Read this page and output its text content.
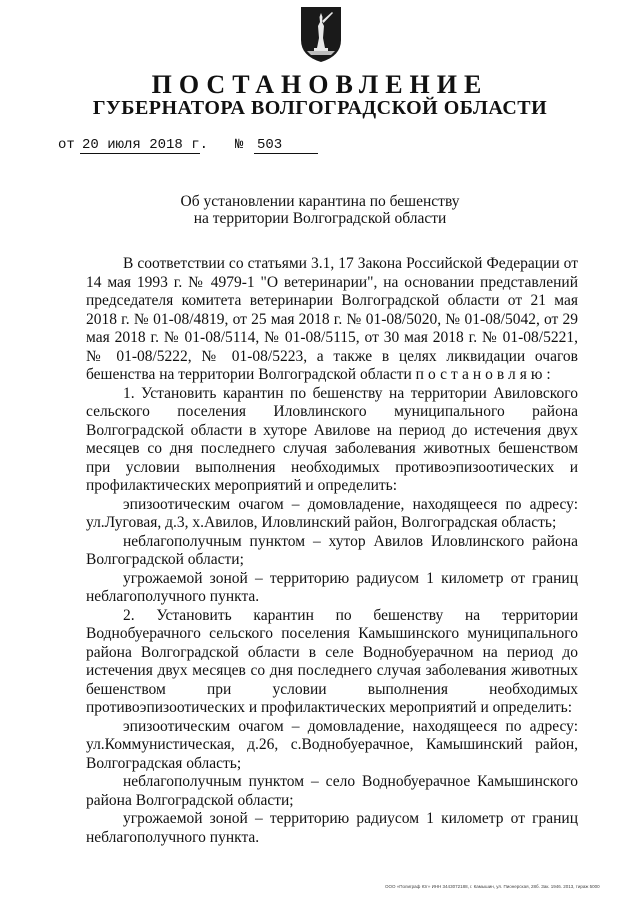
ПОСТАНОВЛЕНИЕ
ГУБЕРНАТОРА ВОЛГОГРАДСКОЙ ОБЛАСТИ
от 20 июля 2018 г. № 503
Об установлении карантина по бешенству
на территории Волгоградской области

В соответствии со статьями 3.1, 17 Закона Российской Федерации от 14 мая 1993 г. № 4979-1 "О ветеринарии", на основании представлений председателя комитета ветеринарии Волгоградской области от 21 мая 2018 г. № 01-08/4819, от 25 мая 2018 г. № 01-08/5020, № 01-08/5042, от 29 мая 2018 г. № 01-08/5114, № 01-08/5115, от 30 мая 2018 г. № 01-08/5221, № 01-08/5222, № 01-08/5223, а также в целях ликвидации очагов бешенства на территории Волгоградской области постановляю:

1. Установить карантин по бешенству на территории Авиловского сельского поселения Иловлинского муниципального района Волгоградской области в хуторе Авилове на период до истечения двух месяцев со дня последнего случая заболевания животных бешенством при условии выполнения необходимых противоэпизоотических и профилактических мероприятий и определить:

эпизоотическим очагом – домовладение, находящееся по адресу: ул.Луговая, д.3, х.Авилов, Иловлинский район, Волгоградская область;

неблагополучным пунктом – хутор Авилов Иловлинского района Волгоградской области;

угрожаемой зоной – территорию радиусом 1 километр от границ неблагополучного пункта.

2. Установить карантин по бешенству на территории Воднобуерачного сельского поселения Камышинского муниципального района Волгоградской области в селе Воднобуерачном на период до истечения двух месяцев со дня последнего случая заболевания животных бешенством при условии выполнения необходимых противоэпизоотических и профилактических мероприятий и определить:

эпизоотическим очагом – домовладение, находящееся по адресу: ул.Коммунистическая, д.26, с.Воднобуерачное, Камышинский район, Волгоградская область;

неблагополучным пунктом – село Воднобуерачное Камышинского района Волгоградской области;

угрожаемой зоной – территорию радиусом 1 километр от границ неблагополучного пункта.

ООО «Полиграф Юг» ИНН 3443072188, г. Камышин, ул. Пионерская, 28б. Зак. 1946. 2013, тираж 5000
